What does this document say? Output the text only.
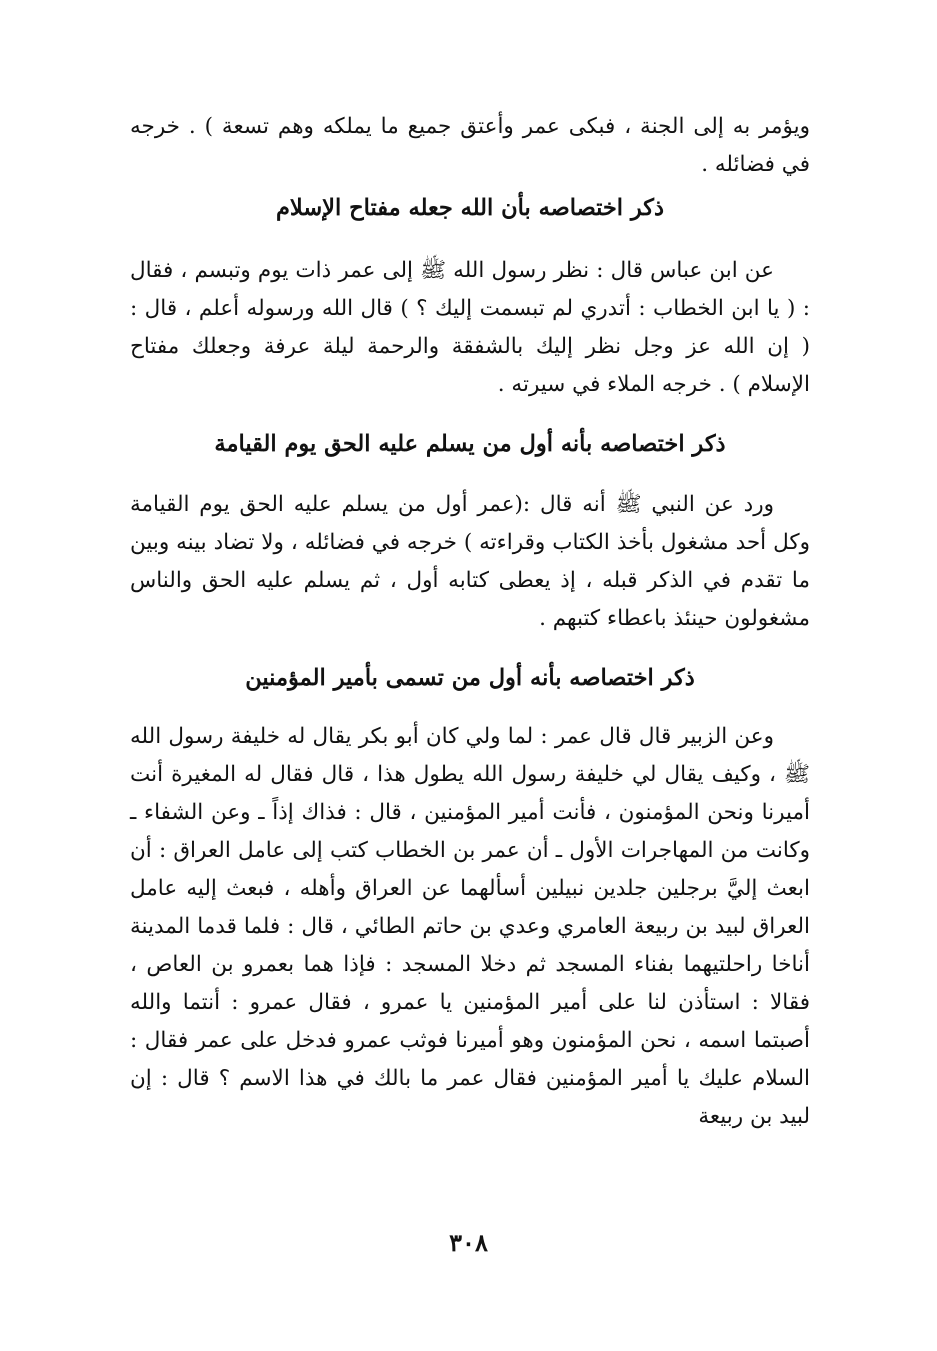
ويؤمر به إلى الجنة ، فبكى عمر وأعتق جميع ما يملكه وهم تسعة ) . خرجه في فضائله .

ذكر اختصاصه بأن الله جعله مفتاح الإسلام

عن ابن عباس قال : نظر رسول الله ﷺ إلى عمر ذات يوم وتبسم ، فقال : ( يا ابن الخطاب : أتدري لم تبسمت إليك ؟ ) قال الله ورسوله أعلم ، قال : ( إن الله عز وجل نظر إليك بالشفقة والرحمة ليلة عرفة وجعلك مفتاح الإسلام ) . خرجه الملاء في سيرته .

ذكر اختصاصه بأنه أول من يسلم عليه الحق يوم القيامة

ورد عن النبي ﷺ أنه قال :(عمر أول من يسلم عليه الحق يوم القيامة وكل أحد مشغول بأخذ الكتاب وقراءته ) خرجه في فضائله ، ولا تضاد بينه وبين ما تقدم في الذكر قبله ، إذ يعطى كتابه أول ، ثم يسلم عليه الحق والناس مشغولون حينئذ باعطاء كتبهم .

ذكر اختصاصه بأنه أول من تسمى بأمير المؤمنين

وعن الزبير قال قال عمر : لما ولي كان أبو بكر يقال له خليفة رسول الله ﷺ ، وكيف يقال لي خليفة رسول الله يطول هذا ، قال فقال له المغيرة أنت أميرنا ونحن المؤمنون ، فأنت أمير المؤمنين ، قال : فذاك إذاً ـ وعن الشفاء ـ وكانت من المهاجرات الأول ـ أن عمر بن الخطاب كتب إلى عامل العراق : أن ابعث إليَّ برجلين جلدين نبيلين أسألهما عن العراق وأهله ، فبعث إليه عامل العراق لبيد بن ربيعة العامري وعدي بن حاتم الطائي ، قال : فلما قدما المدينة أناخا راحلتيهما بفناء المسجد ثم دخلا المسجد : فإذا هما بعمرو بن العاص ، فقالا : استأذن لنا على أمير المؤمنين يا عمرو ، فقال عمرو : أنتما والله أصبتما اسمه ، نحن المؤمنون وهو أميرنا فوثب عمرو فدخل على عمر فقال : السلام عليك يا أمير المؤمنين فقال عمر ما بالك في هذا الاسم ؟ قال : إن لبيد بن ربيعة

٣٠٨
